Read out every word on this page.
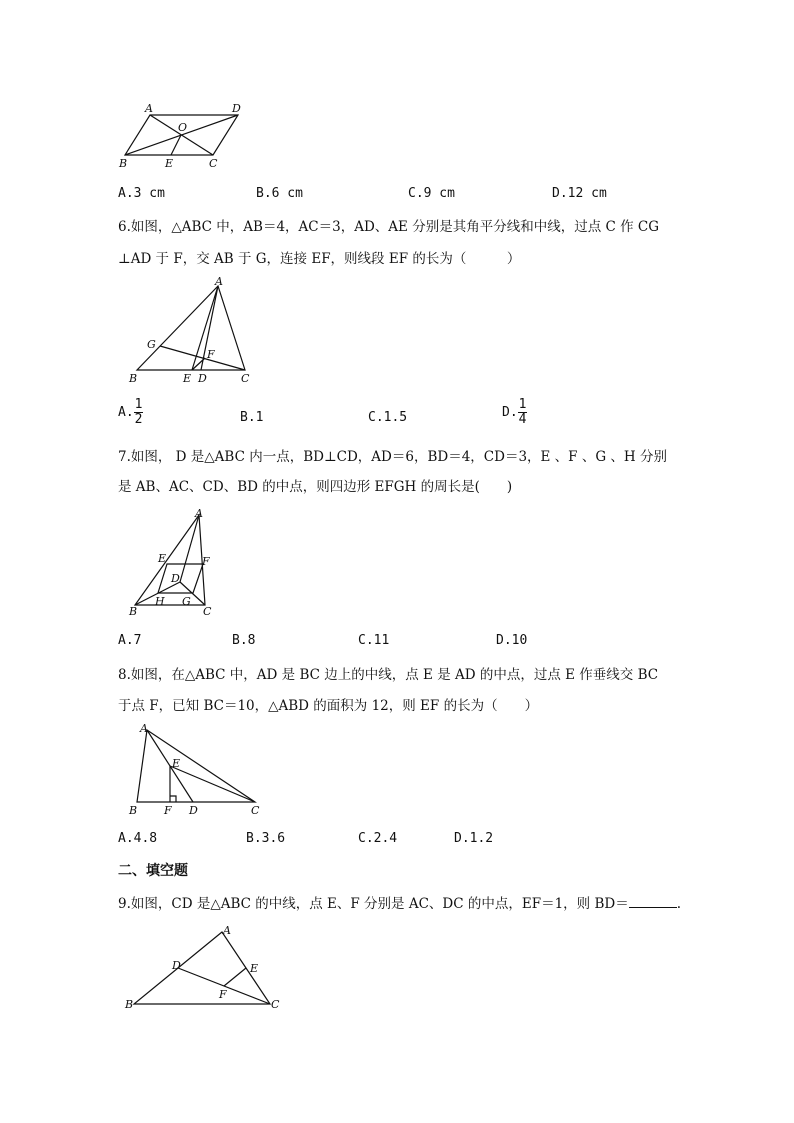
A	D
O
B	E	C
A.3 cm	B.6 cm	C.9 cm	D.12 cm
6.如图，△ABC 中，AB＝4，AC＝3，AD、AE 分别是其角平分线和中线，过点 C 作 CG
⊥AD 于 F，交 AB 于 G，连接 EF，则线段 EF 的长为（　　　）
A
G
F
B	E D	C
A. $\frac{1}{2}$	B.1	C.1.5	D. $\frac{1}{4}$
7.如图， D 是△ABC 内一点，BD⊥CD，AD＝6，BD＝4，CD＝3，E 、F 、G 、H 分别
是 AB、AC、CD、BD 的中点，则四边形 EFGH 的周长是(　　)
A
E	F
D
B
H G
C
A.7	B.8	C.11	D.10
8.如图，在△ABC 中，AD 是 BC 边上的中线，点 E 是 AD 的中点，过点 E 作垂线交 BC
于点 F，已知 BC＝10，△ABD 的面积为 12，则 EF 的长为（　　）
A
E
B F D	C
A.4.8	B.3.6	C.2.4	D.1.2
二、填空题
9.如图，CD 是△ABC 的中线，点 E、F 分别是 AC、DC 的中点，EF＝1，则 BD＝	.
A
D	E
F
B	C
